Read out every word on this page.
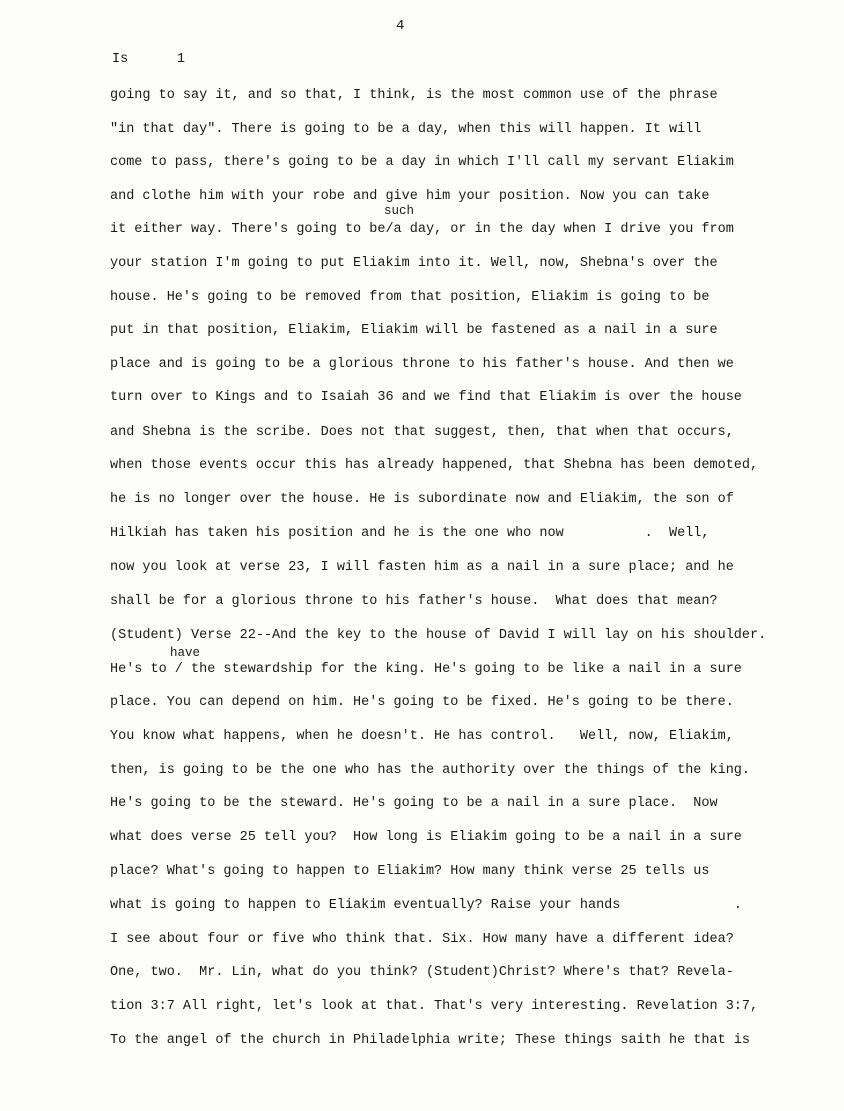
4
Is	1
such
have
going to say it, and so that, I think, is the most common use of the phrase
"in that day". There is going to be a day, when this will happen. It will
come to pass, there's going to be a day in which I'll call my servant Eliakim
and clothe him with your robe and give him your position. Now you can take
it either way. There's going to be/a day, or in the day when I drive you from
your station I'm going to put Eliakim into it. Well, now, Shebna's over the
house. He's going to be removed from that position, Eliakim is going to be
put in that position, Eliakim, Eliakim will be fastened as a nail in a sure
place and is going to be a glorious throne to his father's house. And then we
turn over to Kings and to Isaiah 36 and we find that Eliakim is over the house
and Shebna is the scribe. Does not that suggest, then, that when that occurs,
when those events occur this has already happened, that Shebna has been demoted,
he is no longer over the house. He is subordinate now and Eliakim, the son of
Hilkiah has taken his position and he is the one who now          .  Well,
now you look at verse 23, I will fasten him as a nail in a sure place; and he
shall be for a glorious throne to his father's house.  What does that mean?
(Student) Verse 22--And the key to the house of David I will lay on his shoulder.
He's to / the stewardship for the king. He's going to be like a nail in a sure
place. You can depend on him. He's going to be fixed. He's going to be there.
You know what happens, when he doesn't. He has control.   Well, now, Eliakim,
then, is going to be the one who has the authority over the things of the king.
He's going to be the steward. He's going to be a nail in a sure place.  Now
what does verse 25 tell you?  How long is Eliakim going to be a nail in a sure
place? What's going to happen to Eliakim? How many think verse 25 tells us
what is going to happen to Eliakim eventually? Raise your hands              .
I see about four or five who think that. Six. How many have a different idea?
One, two.  Mr. Lin, what do you think? (Student)Christ? Where's that? Revela-
tion 3:7 All right, let's look at that. That's very interesting. Revelation 3:7,
To the angel of the church in Philadelphia write; These things saith he that is
